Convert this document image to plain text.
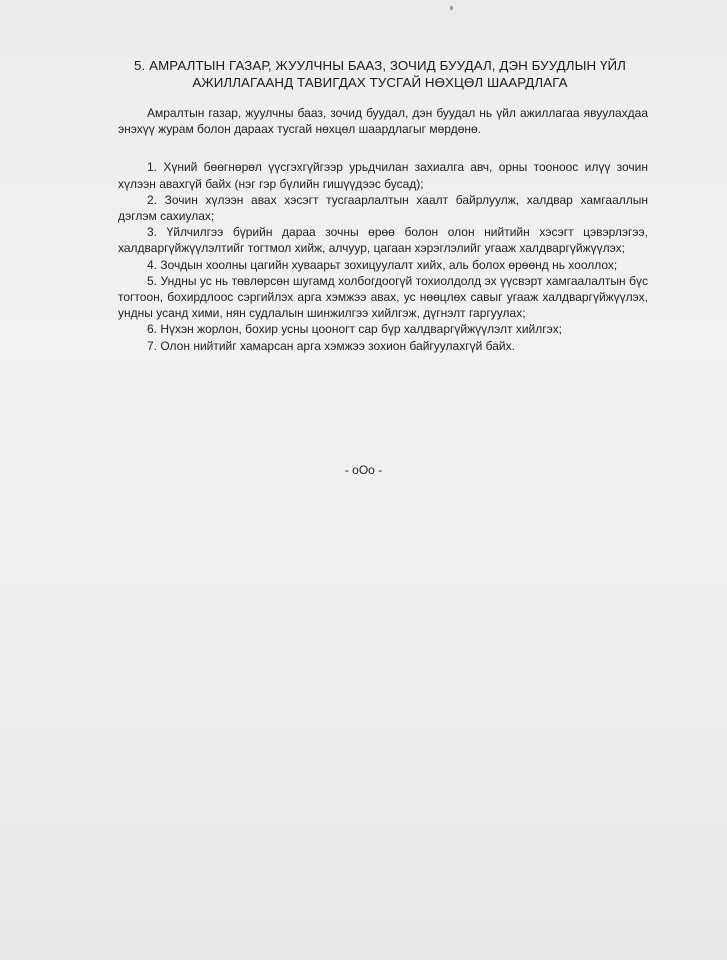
5. АМРАЛТЫН ГАЗАР, ЖУУЛЧНЫ БААЗ, ЗОЧИД БУУДАЛ, ДЭН БУУДЛЫН ҮЙЛ
АЖИЛЛАГААНД ТАВИГДАХ ТУСГАЙ НӨХЦӨЛ ШААРДЛАГА

Амралтын газар, жуулчны бааз, зочид буудал, дэн буудал нь үйл ажиллагаа явуулахдаа энэхүү журам болон дараах тусгай нөхцөл шаардлагыг мөрдөнө.

1. Хүний бөөгнөрөл үүсгэхгүйгээр урьдчилан захиалга авч, орны тооноос илүү зочин хүлээн авахгүй байх (нэг гэр бүлийн гишүүдээс бусад);

2. Зочин хүлээн авах хэсэгт тусгаарлалтын хаалт байрлуулж, халдвар хамгааллын дэглэм сахиулах;

3. Үйлчилгээ бүрийн дараа зочны өрөө болон олон нийтийн хэсэгт цэвэрлэгээ, халдваргүйжүүлэлтийг тогтмол хийж, алчуур, цагаан хэрэглэлийг угааж халдваргүйжүүлэх;

4. Зочдын хоолны цагийн хуваарьт зохицуулалт хийх, аль болох өрөөнд нь хооллох;

5. Ундны ус нь төвлөрсөн шугамд холбогдоогүй тохиолдолд эх үүсвэрт хамгаалалтын бүс тогтоон, бохирдлоос сэргийлэх арга хэмжээ авах, ус нөөцлөх савыг угааж халдваргүйжүүлэх, ундны усанд хими, нян судлалын шинжилгээ хийлгэж, дүгнэлт гаргуулах;

6. Нүхэн жорлон, бохир усны цооногт сар бүр халдваргүйжүүлэлт хийлгэх;

7. Олон нийтийг хамарсан арга хэмжээ зохион байгуулахгүй байх.

- оОо -
